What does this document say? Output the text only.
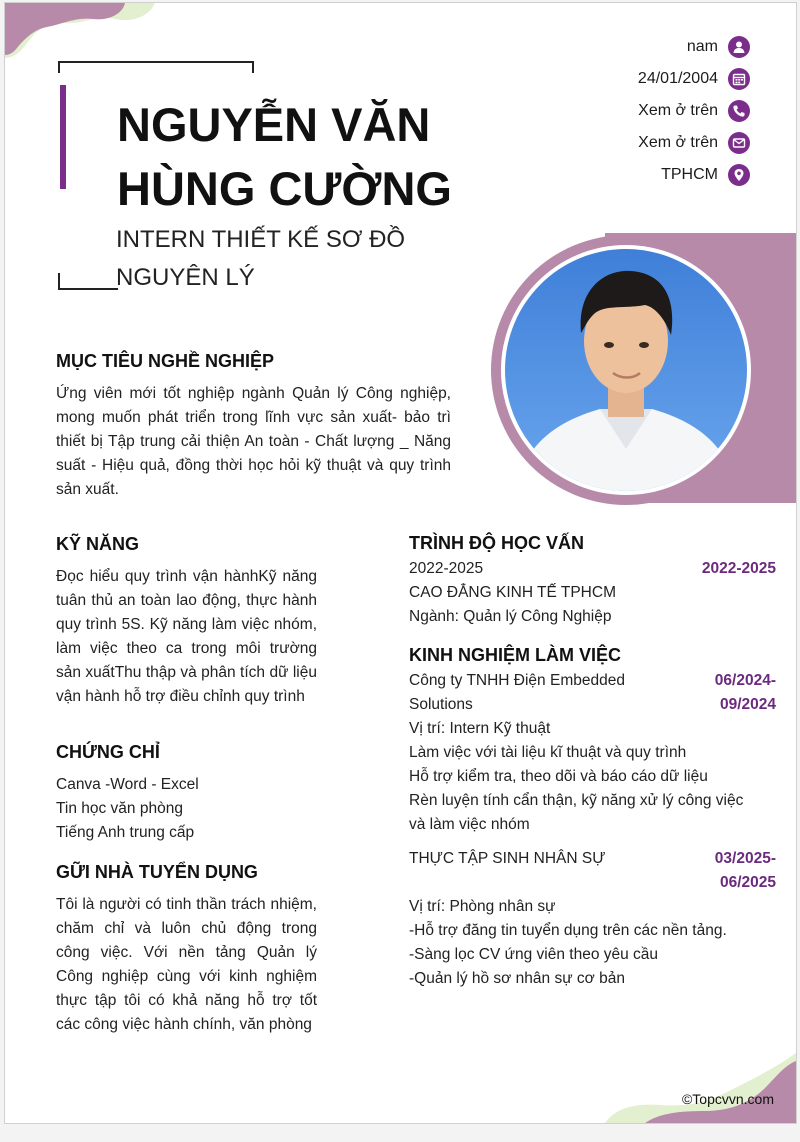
NGUYỄN VĂN
HÙNG CƯỜNG
INTERN THIẾT KẾ SƠ ĐỒ
NGUYÊN LÝ
nam
24/01/2004
Xem ở trên
Xem ở trên
TPHCM
MỤC TIÊU NGHỀ NGHIỆP
Ứng viên mới tốt nghiệp ngành Quản lý Công nghiệp, mong muốn phát triển trong lĩnh vực sản xuất- bảo trì thiết bị Tập trung cải thiện An toàn - Chất lượng _ Năng suất - Hiệu quả, đồng thời học hỏi kỹ thuật và quy trình sản xuất.
KỸ NĂNG
Đọc hiểu quy trình vận hànhKỹ năng tuân thủ an toàn lao động, thực hành quy trình 5S. Kỹ năng làm việc nhóm, làm việc theo ca trong môi trường sản xuấtThu thập và phân tích dữ liệu vận hành hỗ trợ điều chỉnh quy trình
CHỨNG CHỈ
Canva -Word - Excel
Tin học văn phòng
Tiếng Anh trung cấp
GỮI NHÀ TUYỂN DỤNG
Tôi là người có tinh thần trách nhiệm, chăm chỉ và luôn chủ động trong công việc. Với nền tảng Quản lý Công nghiệp cùng với kinh nghiệm thực tập tôi có khả năng hỗ trợ tốt các công việc hành chính, văn phòng
TRÌNH ĐỘ HỌC VẤN
2022-2025	2022-2025
CAO ĐẲNG KINH TẾ TPHCM
Ngành: Quản lý Công Nghiệp
KINH NGHIỆM LÀM VIỆC
Công ty TNHH Điện Embedded
Solutions
06/2024-
09/2024
Vị trí: Intern Kỹ thuật
Làm việc với tài liệu kĩ thuật và quy trình
Hỗ trợ kiểm tra, theo dõi và báo cáo dữ liệu
Rèn luyện tính cẩn thận, kỹ năng xử lý công việc
và làm việc nhóm
THỰC TẬP SINH NHÂN SỰ	03/2025-
06/2025
Vị trí: Phòng nhân sự
-Hỗ trợ đăng tin tuyển dụng trên các nền tảng.
-Sàng lọc CV ứng viên theo yêu cầu
-Quản lý hồ sơ nhân sự cơ bản
©Topcvvn.com
